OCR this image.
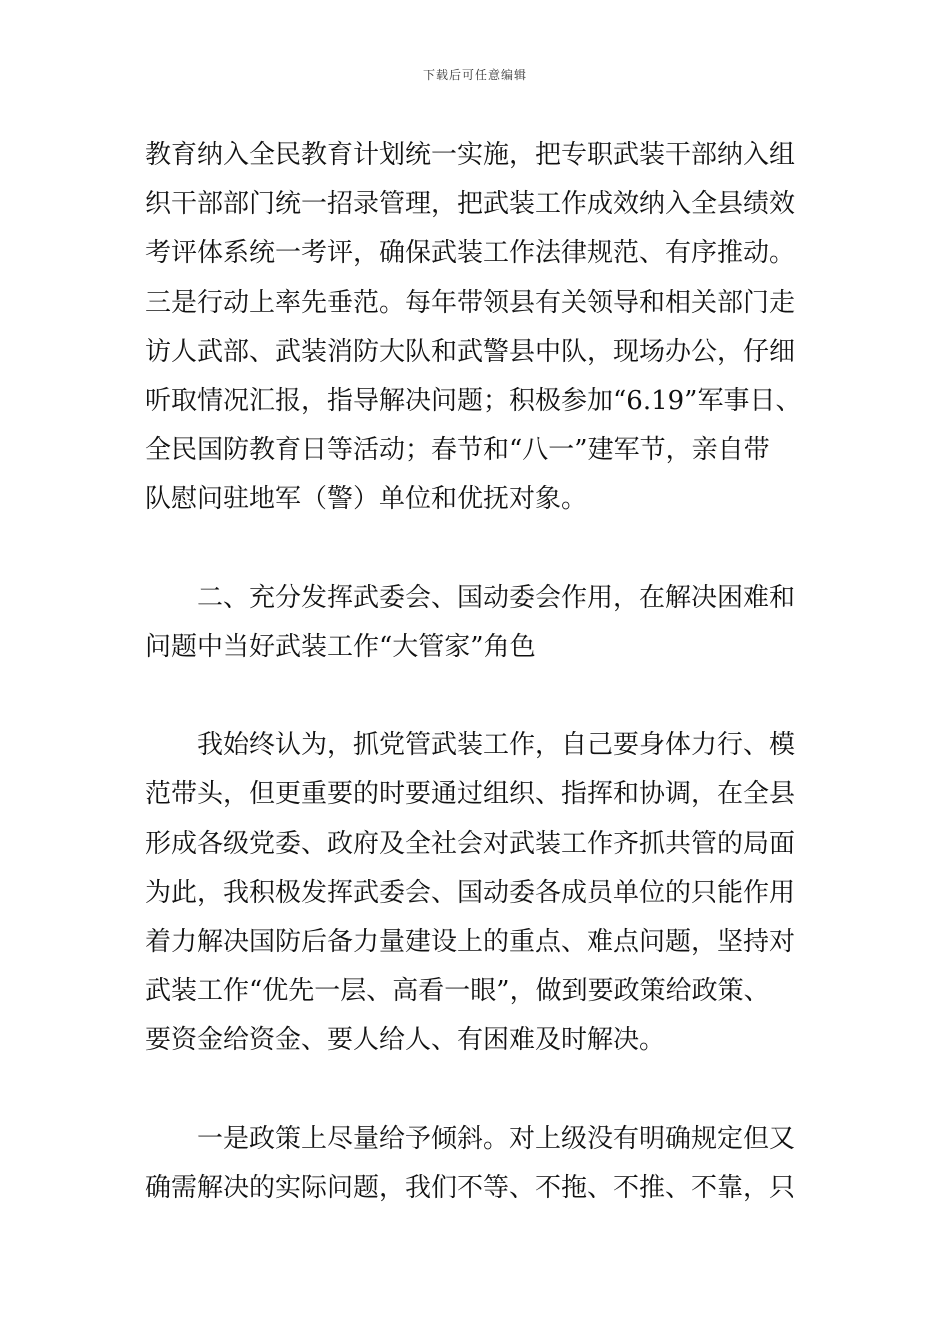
下载后可任意编辑
教育纳入全民教育计划统一实施，把专职武装干部纳入组
织干部部门统一招录管理，把武装工作成效纳入全县绩效
考评体系统一考评，确保武装工作法律规范、有序推动。
三是行动上率先垂范。每年带领县有关领导和相关部门走
访人武部、武装消防大队和武警县中队，现场办公，仔细
听取情况汇报，指导解决问题；积极参加“6.19”军事日、
全民国防教育日等活动；春节和“八一”建军节，亲自带
队慰问驻地军（警）单位和优抚对象。
二、充分发挥武委会、国动委会作用，在解决困难和
问题中当好武装工作“大管家”角色
我始终认为，抓党管武装工作，自己要身体力行、模
范带头，但更重要的时要通过组织、指挥和协调，在全县
形成各级党委、政府及全社会对武装工作齐抓共管的局面
为此，我积极发挥武委会、国动委各成员单位的只能作用
着力解决国防后备力量建设上的重点、难点问题，坚持对
武装工作“优先一层、高看一眼”，做到要政策给政策、
要资金给资金、要人给人、有困难及时解决。
一是政策上尽量给予倾斜。对上级没有明确规定但又
确需解决的实际问题，我们不等、不拖、不推、不靠，只
